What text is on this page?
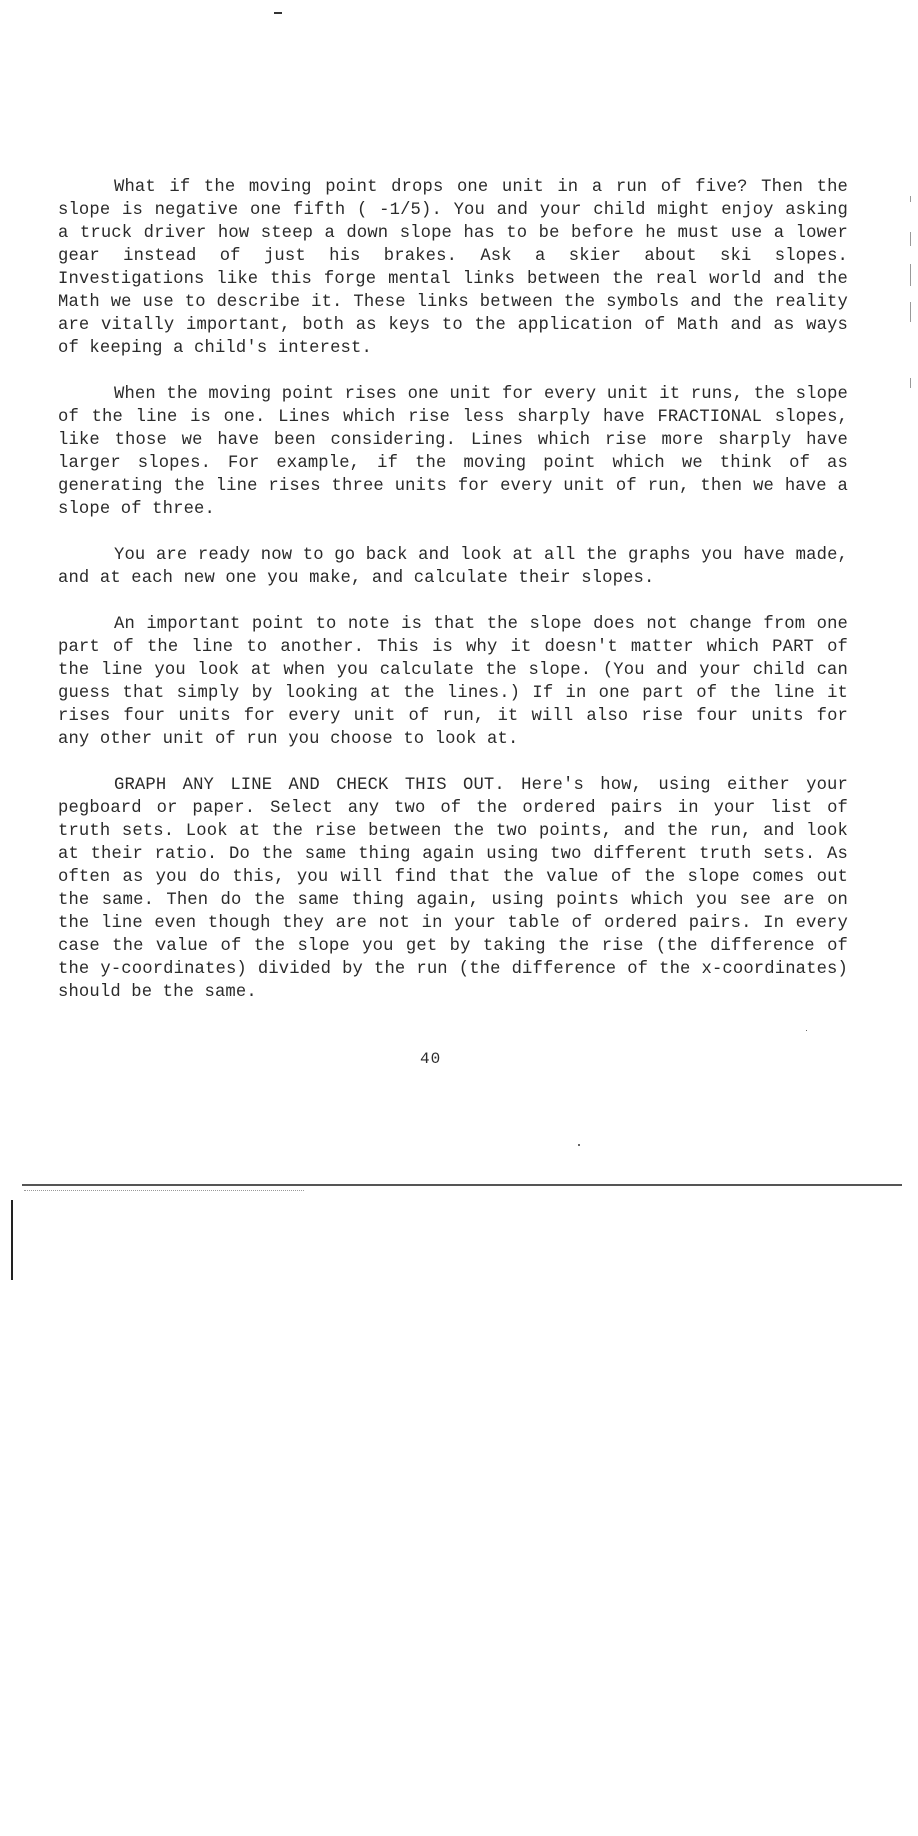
What if the moving point drops one unit in a run of five? Then the slope is negative one fifth ( -1/5). You and your child might enjoy asking a truck driver how steep a down slope has to be before he must use a lower gear instead of just his brakes. Ask a skier about ski slopes. Investigations like this forge mental links between the real world and the Math we use to describe it. These links between the symbols and the reality are vitally important, both as keys to the application of Math and as ways of keeping a child's interest.

When the moving point rises one unit for every unit it runs, the slope of the line is one. Lines which rise less sharply have FRACTIONAL slopes, like those we have been considering. Lines which rise more sharply have larger slopes. For example, if the moving point which we think of as generating the line rises three units for every unit of run, then we have a slope of three.

You are ready now to go back and look at all the graphs you have made, and at each new one you make, and calculate their slopes.

An important point to note is that the slope does not change from one part of the line to another. This is why it doesn't matter which PART of the line you look at when you calculate the slope. (You and your child can guess that simply by looking at the lines.) If in one part of the line it rises four units for every unit of run, it will also rise four units for any other unit of run you choose to look at.

GRAPH ANY LINE AND CHECK THIS OUT. Here's how, using either your pegboard or paper. Select any two of the ordered pairs in your list of truth sets. Look at the rise between the two points, and the run, and look at their ratio. Do the same thing again using two different truth sets. As often as you do this, you will find that the value of the slope comes out the same. Then do the same thing again, using points which you see are on the line even though they are not in your table of ordered pairs. In every case the value of the slope you get by taking the rise (the difference of the y-coordinates) divided by the run (the difference of the x-coordinates) should be the same.

40
